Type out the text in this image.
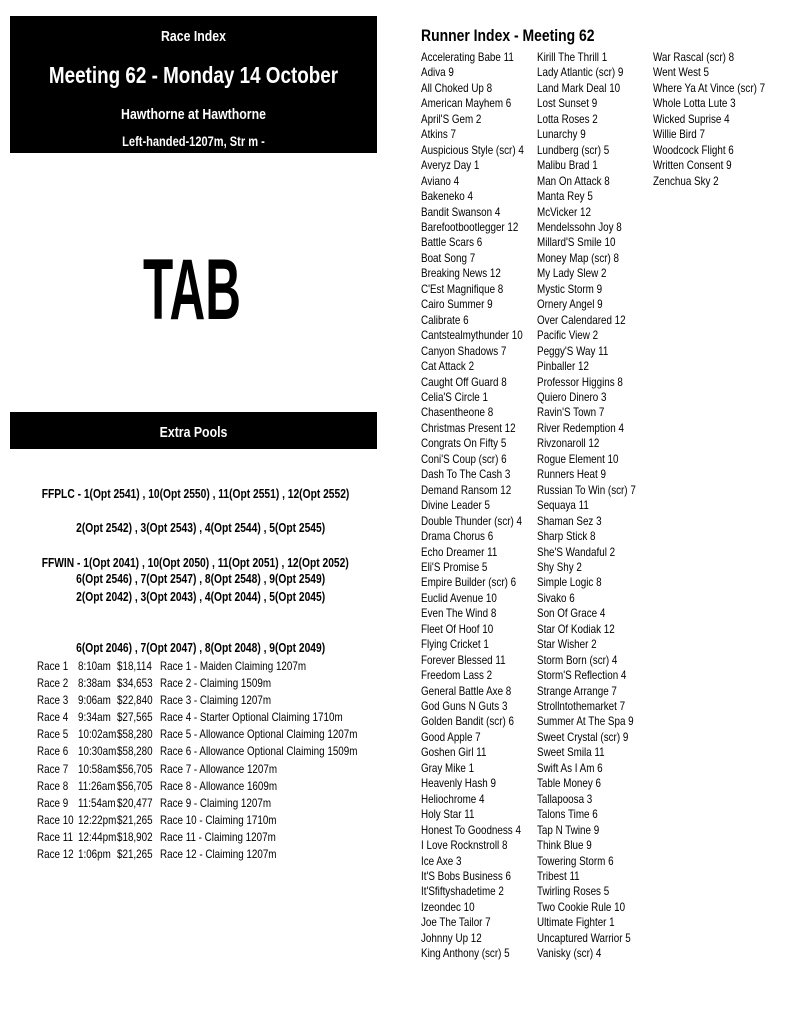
Race Index
Meeting 62 - Monday 14 October
Hawthorne at Hawthorne
Left-handed-1207m, Str m -
TAB
Extra Pools

FFPLC - 1(Opt 2541) , 10(Opt 2550) , 11(Opt 2551) , 12(Opt 2552)

2(Opt 2542) , 3(Opt 2543) , 4(Opt 2544) , 5(Opt 2545)

6(Opt 2546) , 7(Opt 2547) , 8(Opt 2548) , 9(Opt 2549)

FFWIN - 1(Opt 2041) , 10(Opt 2050) , 11(Opt 2051) , 12(Opt 2052)

2(Opt 2042) , 3(Opt 2043) , 4(Opt 2044) , 5(Opt 2045)

6(Opt 2046) , 7(Opt 2047) , 8(Opt 2048) , 9(Opt 2049)

Race 1 8:10am $18,114 Race 1 - Maiden Claiming 1207m
Race 2 8:38am $34,653 Race 2 - Claiming 1509m
Race 3 9:06am $22,840 Race 3 - Claiming 1207m
Race 4 9:34am $27,565 Race 4 - Starter Optional Claiming 1710m
Race 5 10:02am $58,280 Race 5 - Allowance Optional Claiming 1207m
Race 6 10:30am $58,280 Race 6 - Allowance Optional Claiming 1509m
Race 7 10:58am $56,705 Race 7 - Allowance 1207m
Race 8 11:26am $56,705 Race 8 - Allowance 1609m
Race 9 11:54am $20,477 Race 9 - Claiming 1207m
Race 10 12:22pm $21,265 Race 10 - Claiming 1710m
Race 11 12:44pm $18,902 Race 11 - Claiming 1207m
Race 12 1:06pm $21,265 Race 12 - Claiming 1207m
Runner Index - Meeting 62
Accelerating Babe 11
Adiva 9
All Choked Up 8
American Mayhem 6
April'S Gem 2
Atkins 7
Auspicious Style (scr) 4
Averyz Day 1
Aviano 4
Bakeneko 4
Bandit Swanson 4
Barefootbootlegger 12
Battle Scars 6
Boat Song 7
Breaking News 12
C'Est Magnifique 8
Cairo Summer 9
Calibrate 6
Cantstealmythunder 10
Canyon Shadows 7
Cat Attack 2
Caught Off Guard 8
Celia'S Circle 1
Chasentheone 8
Christmas Present 12
Congrats On Fifty 5
Coni'S Coup (scr) 6
Dash To The Cash 3
Demand Ransom 12
Divine Leader 5
Double Thunder (scr) 4
Drama Chorus 6
Echo Dreamer 11
Eli'S Promise 5
Empire Builder (scr) 6
Euclid Avenue 10
Even The Wind 8
Fleet Of Hoof 10
Flying Cricket 1
Forever Blessed 11
Freedom Lass 2
General Battle Axe 8
God Guns N Guts 3
Golden Bandit (scr) 6
Good Apple 7
Goshen Girl 11
Gray Mike 1
Heavenly Hash 9
Heliochrome 4
Holy Star 11
Honest To Goodness 4
I Love Rocknstroll 8
Ice Axe 3
It'S Bobs Business 6
It'Sfiftyshadetime 2
Izeondec 10
Joe The Tailor 7
Johnny Up 12
King Anthony (scr) 5
Kirill The Thrill 1
Lady Atlantic (scr) 9
Land Mark Deal 10
Lost Sunset 9
Lotta Roses 2
Lunarchy 9
Lundberg (scr) 5
Malibu Brad 1
Man On Attack 8
Manta Rey 5
McVicker 12
Mendelssohn Joy 8
Millard'S Smile 10
Money Map (scr) 8
My Lady Slew 2
Mystic Storm 9
Ornery Angel 9
Over Calendared 12
Pacific View 2
Peggy'S Way 11
Pinballer 12
Professor Higgins 8
Quiero Dinero 3
Ravin'S Town 7
River Redemption 4
Rivzonaroll 12
Rogue Element 10
Runners Heat 9
Russian To Win (scr) 7
Sequaya 11
Shaman Sez 3
Sharp Stick 8
She'S Wandaful 2
Shy Shy 2
Simple Logic 8
Sivako 6
Son Of Grace 4
Star Of Kodiak 12
Star Wisher 2
Storm Born (scr) 4
Storm'S Reflection 4
Strange Arrange 7
Strollntothemarket 7
Summer At The Spa 9
Sweet Crystal (scr) 9
Sweet Smila 11
Swift As I Am 6
Table Money 6
Tallapoosa 3
Talons Time 6
Tap N Twine 9
Think Blue 9
Towering Storm 6
Tribest 11
Twirling Roses 5
Two Cookie Rule 10
Ultimate Fighter 1
Uncaptured Warrior 5
Vanisky (scr) 4
War Rascal (scr) 8
Went West 5
Where Ya At Vince (scr) 7
Whole Lotta Lute 3
Wicked Suprise 4
Willie Bird 7
Woodcock Flight 6
Written Consent 9
Zenchua Sky 2
